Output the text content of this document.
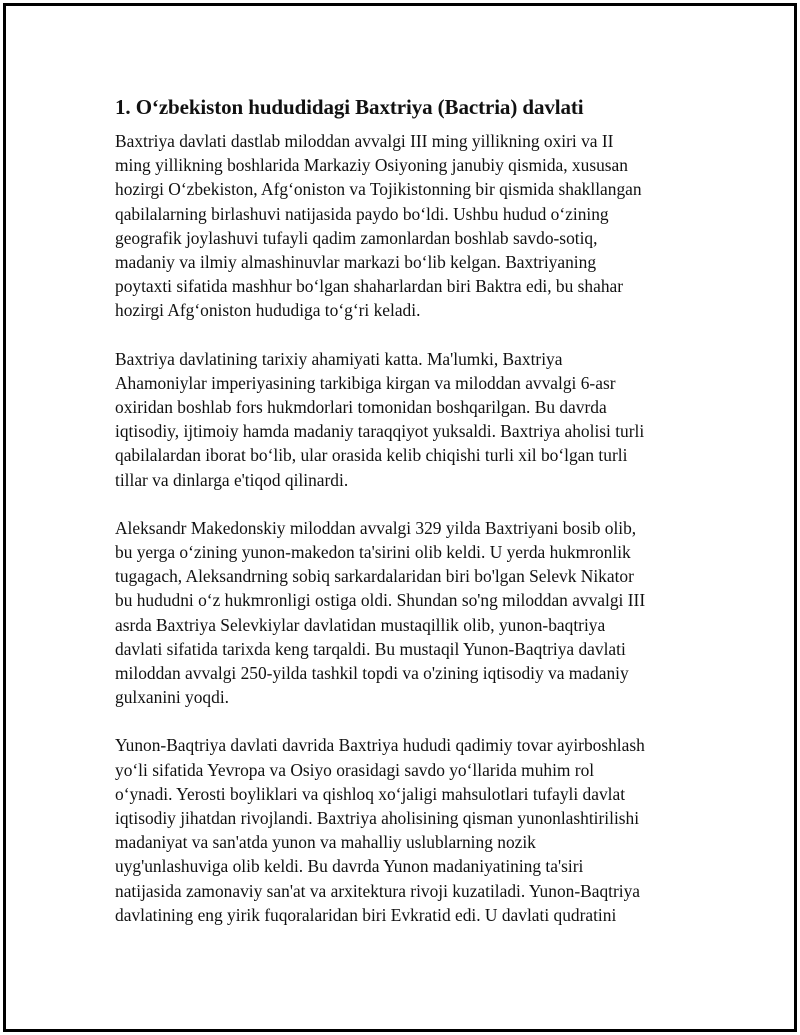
1. O‘zbekiston hududidagi Baxtriya (Bactria) davlati

Baxtriya davlati dastlab miloddan avvalgi III ming yillikning oxiri va II
ming yillikning boshlarida Markaziy Osiyoning janubiy qismida, xususan
hozirgi O‘zbekiston, Afg‘oniston va Tojikistonning bir qismida shakllangan
qabilalarning birlashuvi natijasida paydo bo‘ldi. Ushbu hudud o‘zining
geografik joylashuvi tufayli qadim zamonlardan boshlab savdo-sotiq,
madaniy va ilmiy almashinuvlar markazi bo‘lib kelgan. Baxtriyaning
poytaxti sifatida mashhur bo‘lgan shaharlardan biri Baktra edi, bu shahar
hozirgi Afg‘oniston hududiga to‘g‘ri keladi.

Baxtriya davlatining tarixiy ahamiyati katta. Ma'lumki, Baxtriya
Ahamoniylar imperiyasining tarkibiga kirgan va miloddan avvalgi 6-asr
oxiridan boshlab fors hukmdorlari tomonidan boshqarilgan. Bu davrda
iqtisodiy, ijtimoiy hamda madaniy taraqqiyot yuksaldi. Baxtriya aholisi turli
qabilalardan iborat bo‘lib, ular orasida kelib chiqishi turli xil bo‘lgan turli
tillar va dinlarga e'tiqod qilinardi.

Aleksandr Makedonskiy miloddan avvalgi 329 yilda Baxtriyani bosib olib,
bu yerga o‘zining yunon-makedon ta'sirini olib keldi. U yerda hukmronlik
tugagach, Aleksandrning sobiq sarkardalaridan biri bo'lgan Selevk Nikator
bu hududni o‘z hukmronligi ostiga oldi. Shundan so'ng miloddan avvalgi III
asrda Baxtriya Selevkiylar davlatidan mustaqillik olib, yunon-baqtriya
davlati sifatida tarixda keng tarqaldi. Bu mustaqil Yunon-Baqtriya davlati
miloddan avvalgi 250-yilda tashkil topdi va o'zining iqtisodiy va madaniy
gulxanini yoqdi.

Yunon-Baqtriya davlati davrida Baxtriya hududi qadimiy tovar ayirboshlash
yo‘li sifatida Yevropa va Osiyo orasidagi savdo yo‘llarida muhim rol
o‘ynadi. Yerosti boyliklari va qishloq xo‘jaligi mahsulotlari tufayli davlat
iqtisodiy jihatdan rivojlandi. Baxtriya aholisining qisman yunonlashtirilishi
madaniyat va san'atda yunon va mahalliy uslublarning nozik
uyg'unlashuviga olib keldi. Bu davrda Yunon madaniyatining ta'siri
natijasida zamonaviy san'at va arxitektura rivoji kuzatiladi. Yunon-Baqtriya
davlatining eng yirik fuqoralaridan biri Evkratid edi. U davlati qudratini
